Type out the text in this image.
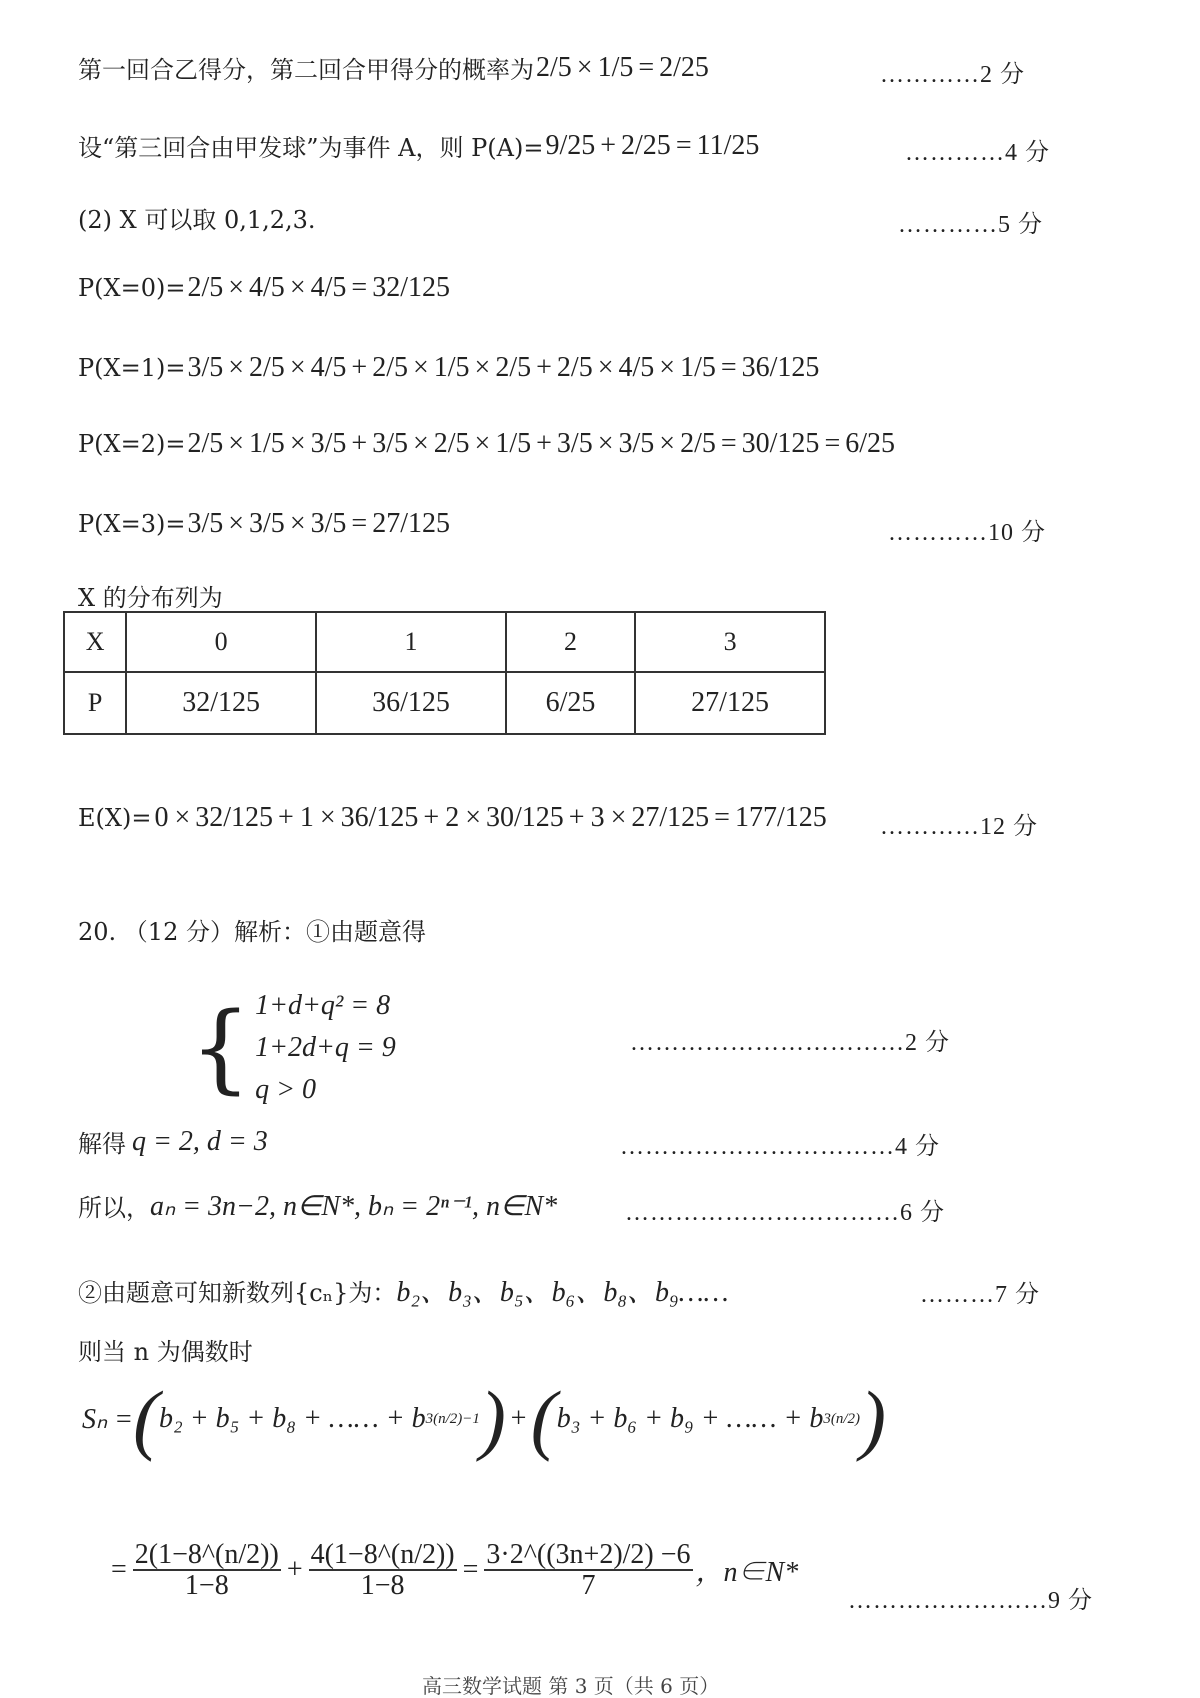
第一回合乙得分，第二回合甲得分的概率为 2/5 × 1/5 = 2/25	…………2 分
设“第三回合由甲发球”为事件 A，则 P(A)= 9/25 + 2/25 = 11/25	…………4 分
(2) X 可以取 0,1,2,3.	…………5 分
P(X=0)= 2/5 × 4/5 × 4/5 = 32/125
P(X=1)= 3/5 × 2/5 × 4/5 + 2/5 × 1/5 × 2/5 + 2/5 × 4/5 × 1/5 = 36/125
P(X=2)= 2/5 × 1/5 × 3/5 + 3/5 × 2/5 × 1/5 + 3/5 × 3/5 × 2/5 = 30/125 = 6/25
P(X=3)= 3/5 × 3/5 × 3/5 = 27/125	…………10 分
X 的分布列为
E(X)= 0 × 32/125 + 1 × 36/125 + 2 × 30/125 + 3 × 27/125 = 177/125 …………12 分
20. （12 分）解析：①由题意得
X	0	1	2	3
P	32/125	36/125	6/25	27/125
{ 1+d+q² = 8
1+2d+q = 9
q > 0
……………………………2 分
解得 q = 2, d = 3	……………………………4 分
所以， aₙ = 3n−2, n∈N*, bₙ = 2ⁿ⁻¹, n∈N*	……………………………6 分
②由题意可知新数列{cₙ}为： b₂、b₃、b₅、b₆、b₈、b₉……	………7 分
则当 n 为偶数时
Sₙ = ( b₂ + b₅ + b₈ + …… + b 3(n/2)−1 ) + ( b₃ + b₆ + b₉ + …… + b 3(n/2) )
= $\frac{2(1-8\^{}(n/2))}{1-8} + \frac{4(1-8\^{}(n/2))}{1-8} = \frac{3\cdot 2\^{}((3n+2)/2) -6}{7}$ ，n∈N*
……………………9 分
高三数学试题 第 3 页（共 6 页）
